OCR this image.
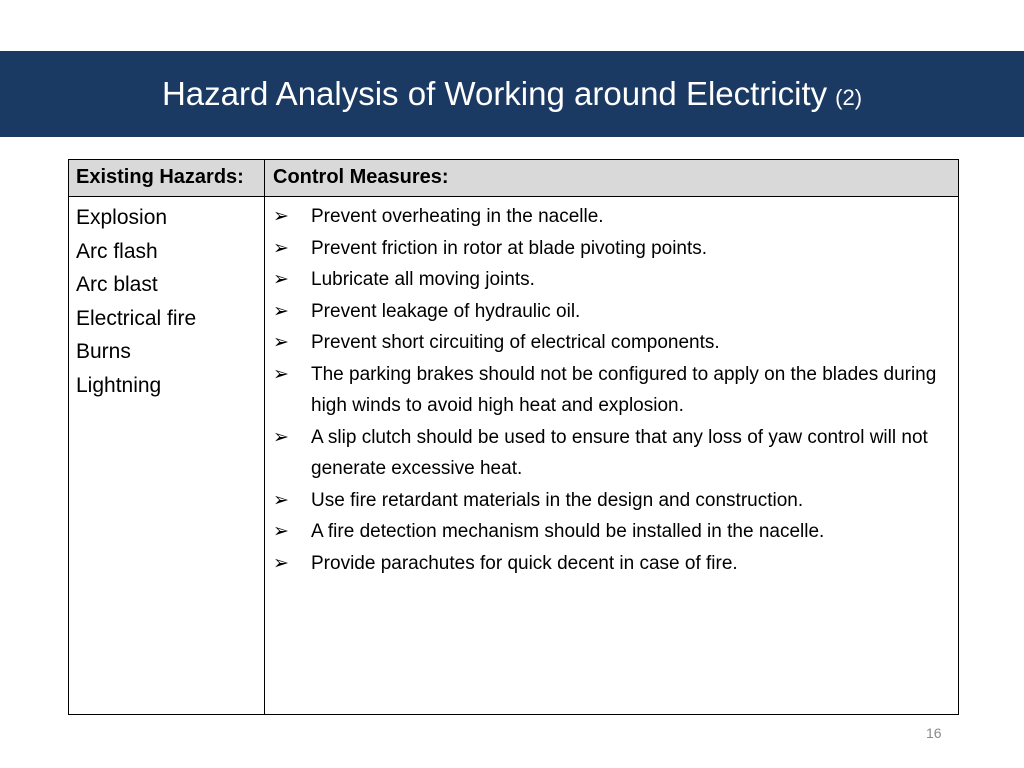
Hazard Analysis of Working around Electricity (2)
Existing Hazards: Control Measures:
Explosion
Arc flash
Arc blast
Electrical fire
Burns
Lightning
➢ Prevent overheating in the nacelle.
➢ Prevent friction in rotor at blade pivoting points.
➢ Lubricate all moving joints.
➢ Prevent leakage of hydraulic oil.
➢ Prevent short circuiting of electrical components.
➢ The parking brakes should not be configured to apply on the blades during high winds to avoid high heat and explosion.
➢ A slip clutch should be used to ensure that any loss of yaw control will not generate excessive heat.
➢ Use fire retardant materials in the design and construction.
➢ A fire detection mechanism should be installed in the nacelle.
➢ Provide parachutes for quick decent in case of fire.
16
